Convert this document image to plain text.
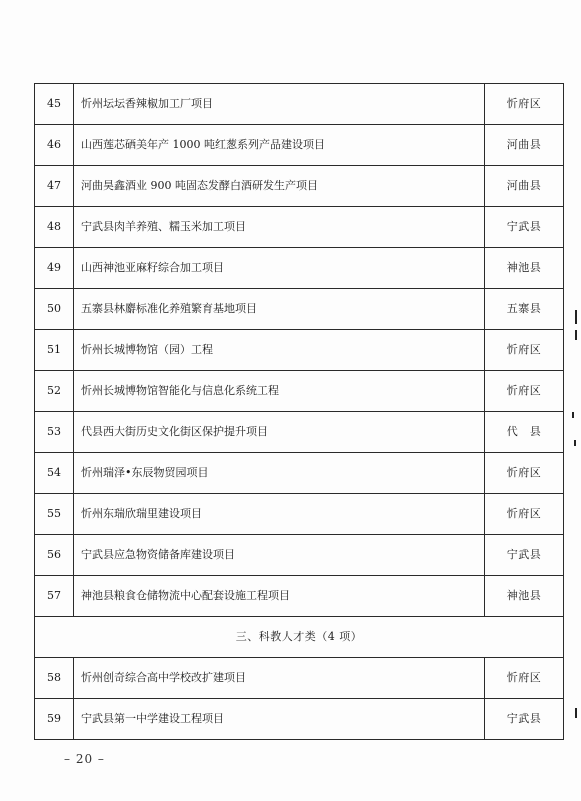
45	忻州坛坛香辣椒加工厂项目	忻府区
46	山西莲芯硒美年产 1000 吨红葱系列产品建设项目	河曲县
47	河曲昊鑫酒业 900 吨固态发酵白酒研发生产项目	河曲县
48	宁武县肉羊养殖、糯玉米加工项目	宁武县
49	山西神池亚麻籽综合加工项目	神池县
50	五寨县林麝标准化养殖繁育基地项目	五寨县
51	忻州长城博物馆（园）工程	忻府区
52	忻州长城博物馆智能化与信息化系统工程	忻府区
53	代县西大街历史文化街区保护提升项目	代　县
54	忻州瑞泽•东辰物贸园项目	忻府区
55	忻州东瑞欣瑞里建设项目	忻府区
56	宁武县应急物资储备库建设项目	宁武县
57	神池县粮食仓储物流中心配套设施工程项目	神池县
三、科教人才类（4 项）		
58	忻州创奇综合高中学校改扩建项目	忻府区
59	宁武县第一中学建设工程项目	宁武县
– 20 –
